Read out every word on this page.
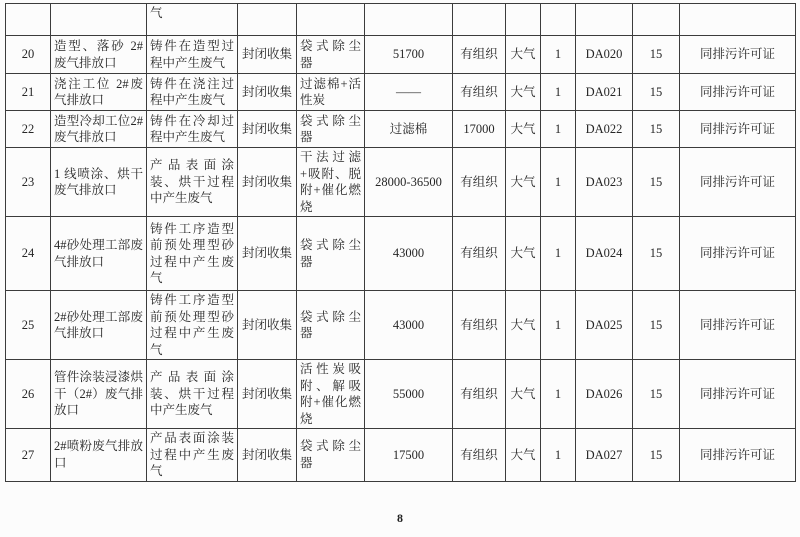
		气									
20	造型、落砂 2#废气排放口	铸件在造型过程中产生废气	封闭收集	袋式除尘器	51700	有组织	大气	1	DA020	15	同排污许可证
21	浇注工位 2#废气排放口	铸件在浇注过程中产生废气	封闭收集	过滤棉+活性炭	——	有组织	大气	1	DA021	15	同排污许可证
22	造型冷却工位2#废气排放口	铸件在冷却过程中产生废气	封闭收集	袋式除尘器	过滤棉	17000	大气	1	DA022	15	同排污许可证
23	1 线喷涂、烘干废气排放口	产品表面涂装、烘干过程中产生废气	封闭收集	干法过滤+吸附、脱附+催化燃烧	28000-36500	有组织	大气	1	DA023	15	同排污许可证
24	4#砂处理工部废气排放口	铸件工序造型前预处理型砂过程中产生废气	封闭收集	袋式除尘器	43000	有组织	大气	1	DA024	15	同排污许可证
25	2#砂处理工部废气排放口	铸件工序造型前预处理型砂过程中产生废气	封闭收集	袋式除尘器	43000	有组织	大气	1	DA025	15	同排污许可证
26	管件涂装浸漆烘干（2#）废气排放口	产品表面涂装、烘干过程中产生废气	封闭收集	活性炭吸附、解吸附+催化燃烧	55000	有组织	大气	1	DA026	15	同排污许可证
27	2#喷粉废气排放口	产品表面涂装过程中产生废气	封闭收集	袋式除尘器	17500	有组织	大气	1	DA027	15	同排污许可证
8
